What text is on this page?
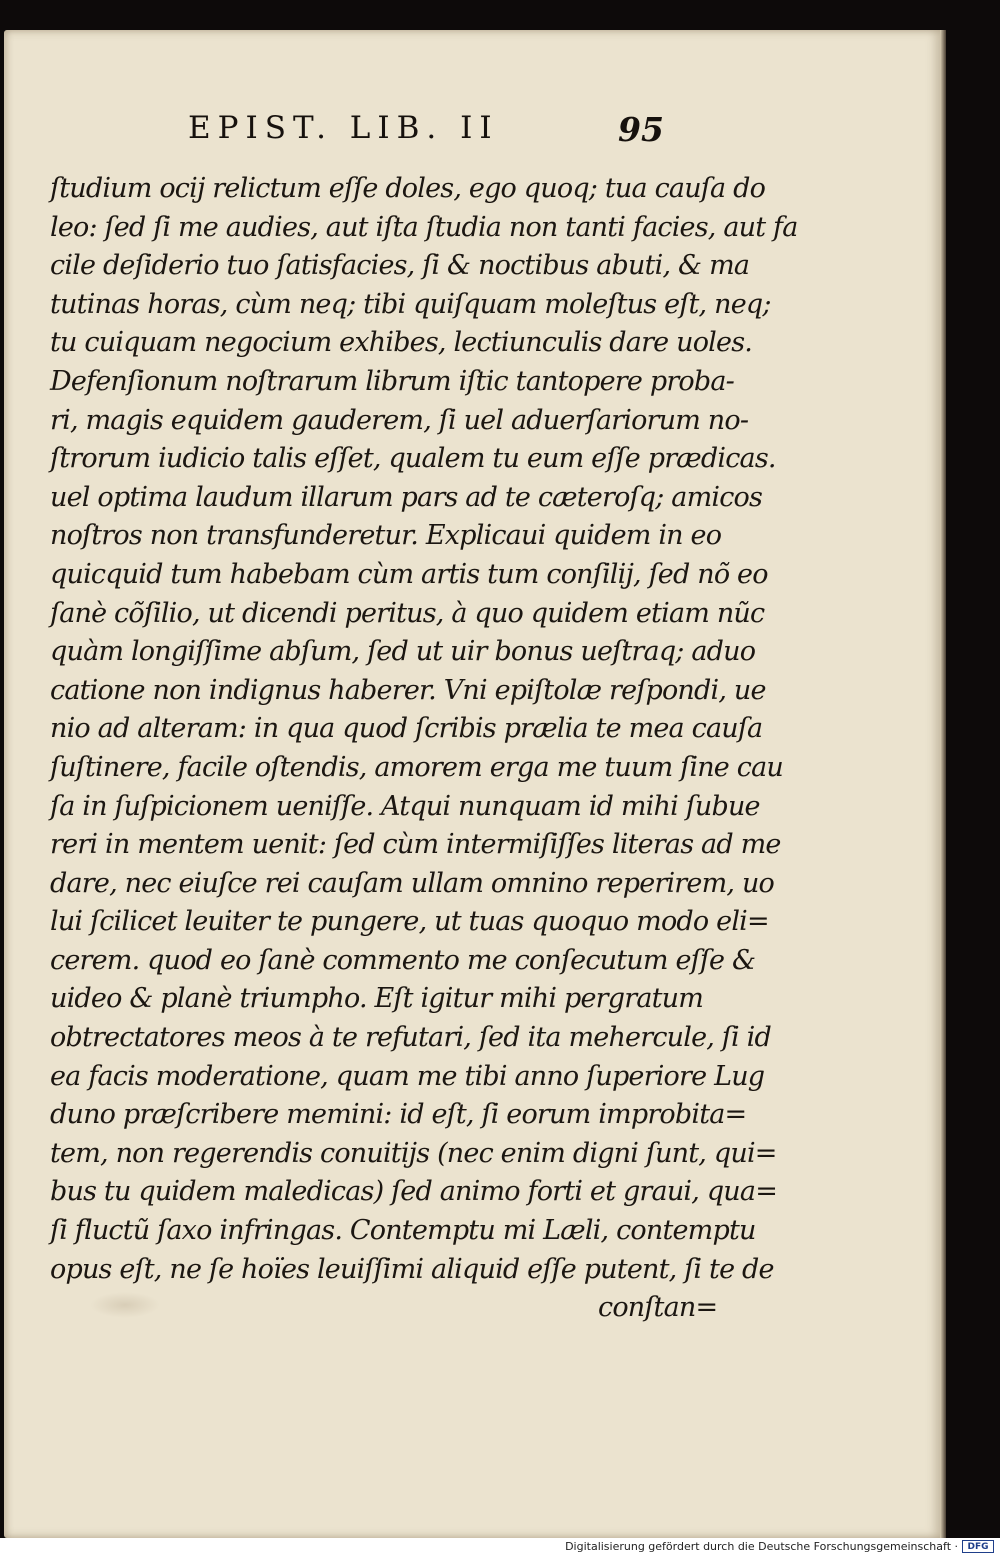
EPIST. LIB. II	95
ſtudium ocij relictum eſſe doles, ego quoq; tua cauſa do
leo: ſed ſi me audies, aut iſta ſtudia non tanti facies, aut fa
cile deſiderio tuo ſatisfacies, ſi & noctibus abuti, & ma
tutinas horas, cùm neq; tibi quiſquam moleſtus eſt, neq;
tu cuiquam negocium exhibes, lectiunculis dare uoles.
Defenſionum noſtrarum librum iſtic tantopere proba-
ri, magis equidem gauderem, ſi uel aduerſariorum no-
ſtrorum iudicio talis eſſet, qualem tu eum eſſe prædicas.
uel optima laudum illarum pars ad te cæteroſq; amicos
noſtros non transfunderetur. Explicaui quidem in eo
quicquid tum habebam cùm artis tum conſilij, ſed nõ eo
ſanè cõſilio, ut dicendi peritus, à quo quidem etiam nũc
quàm longiſſime abſum, ſed ut uir bonus ueſtraq; aduo
catione non indignus haberer. Vni epiſtolæ reſpondi, ue
nio ad alteram: in qua quod ſcribis prælia te mea cauſa
ſuſtinere, facile oſtendis, amorem erga me tuum ſine cau
ſa in ſuſpicionem ueniſſe. Atqui nunquam id mihi ſubue
reri in mentem uenit: ſed cùm intermiſiſſes literas ad me
dare, nec eiuſce rei cauſam ullam omnino reperirem, uo
lui ſcilicet leuiter te pungere, ut tuas quoquo modo eli=
cerem. quod eo ſanè commento me conſecutum eſſe &
uideo & planè triumpho. Eſt igitur mihi pergratum
obtrectatores meos à te refutari, ſed ita mehercule, ſi id
ea facis moderatione, quam me tibi anno ſuperiore Lug
duno præſcribere memini: id eſt, ſi eorum improbita=
tem, non regerendis conuitijs (nec enim digni ſunt, qui=
bus tu quidem maledicas) ſed animo forti et graui, qua=
ſi fluctũ ſaxo infringas. Contemptu mi Læli, contemptu
opus eſt, ne ſe hoïes leuiſſimi aliquid eſſe putent, ſi te de
conſtan=
Digitalisierung gefördert durch die Deutsche Forschungsgemeinschaft ·	DFG
